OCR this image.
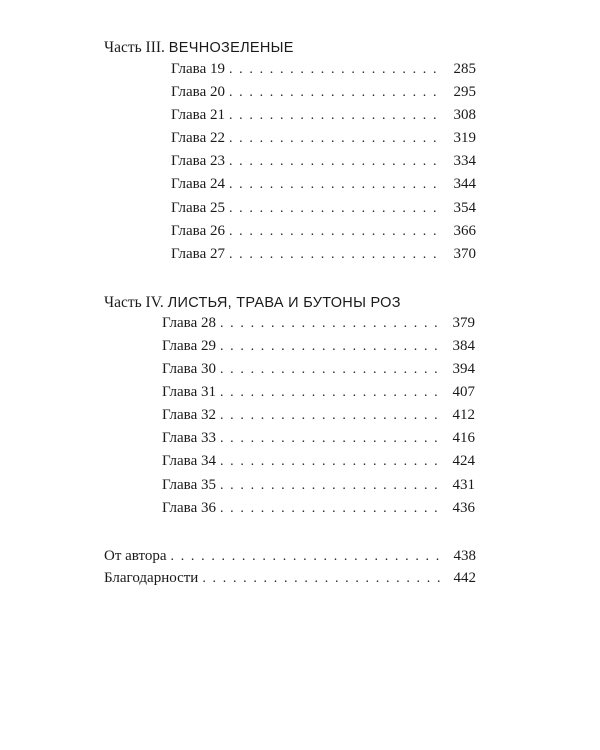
Часть III. ВЕЧНОЗЕЛЕНЫЕ
Глава 19 . . .	285
Глава 20 . . .	295
Глава 21 . . .	308
Глава 22 . . .	319
Глава 23 . . .	334
Глава 24 . . .	344
Глава 25 . . .	354
Глава 26 . . .	366
Глава 27 . . .	370
Часть IV. ЛИСТЬЯ, ТРАВА И БУТОНЫ РОЗ
Глава 28 . . .	379
Глава 29 . . .	384
Глава 30 . . .	394
Глава 31 . . .	407
Глава 32 . . .	412
Глава 33 . . .	416
Глава 34 . . .	424
Глава 35 . . .	431
Глава 36 . . .	436
От автора . . .	438
Благодарности . . .	442
